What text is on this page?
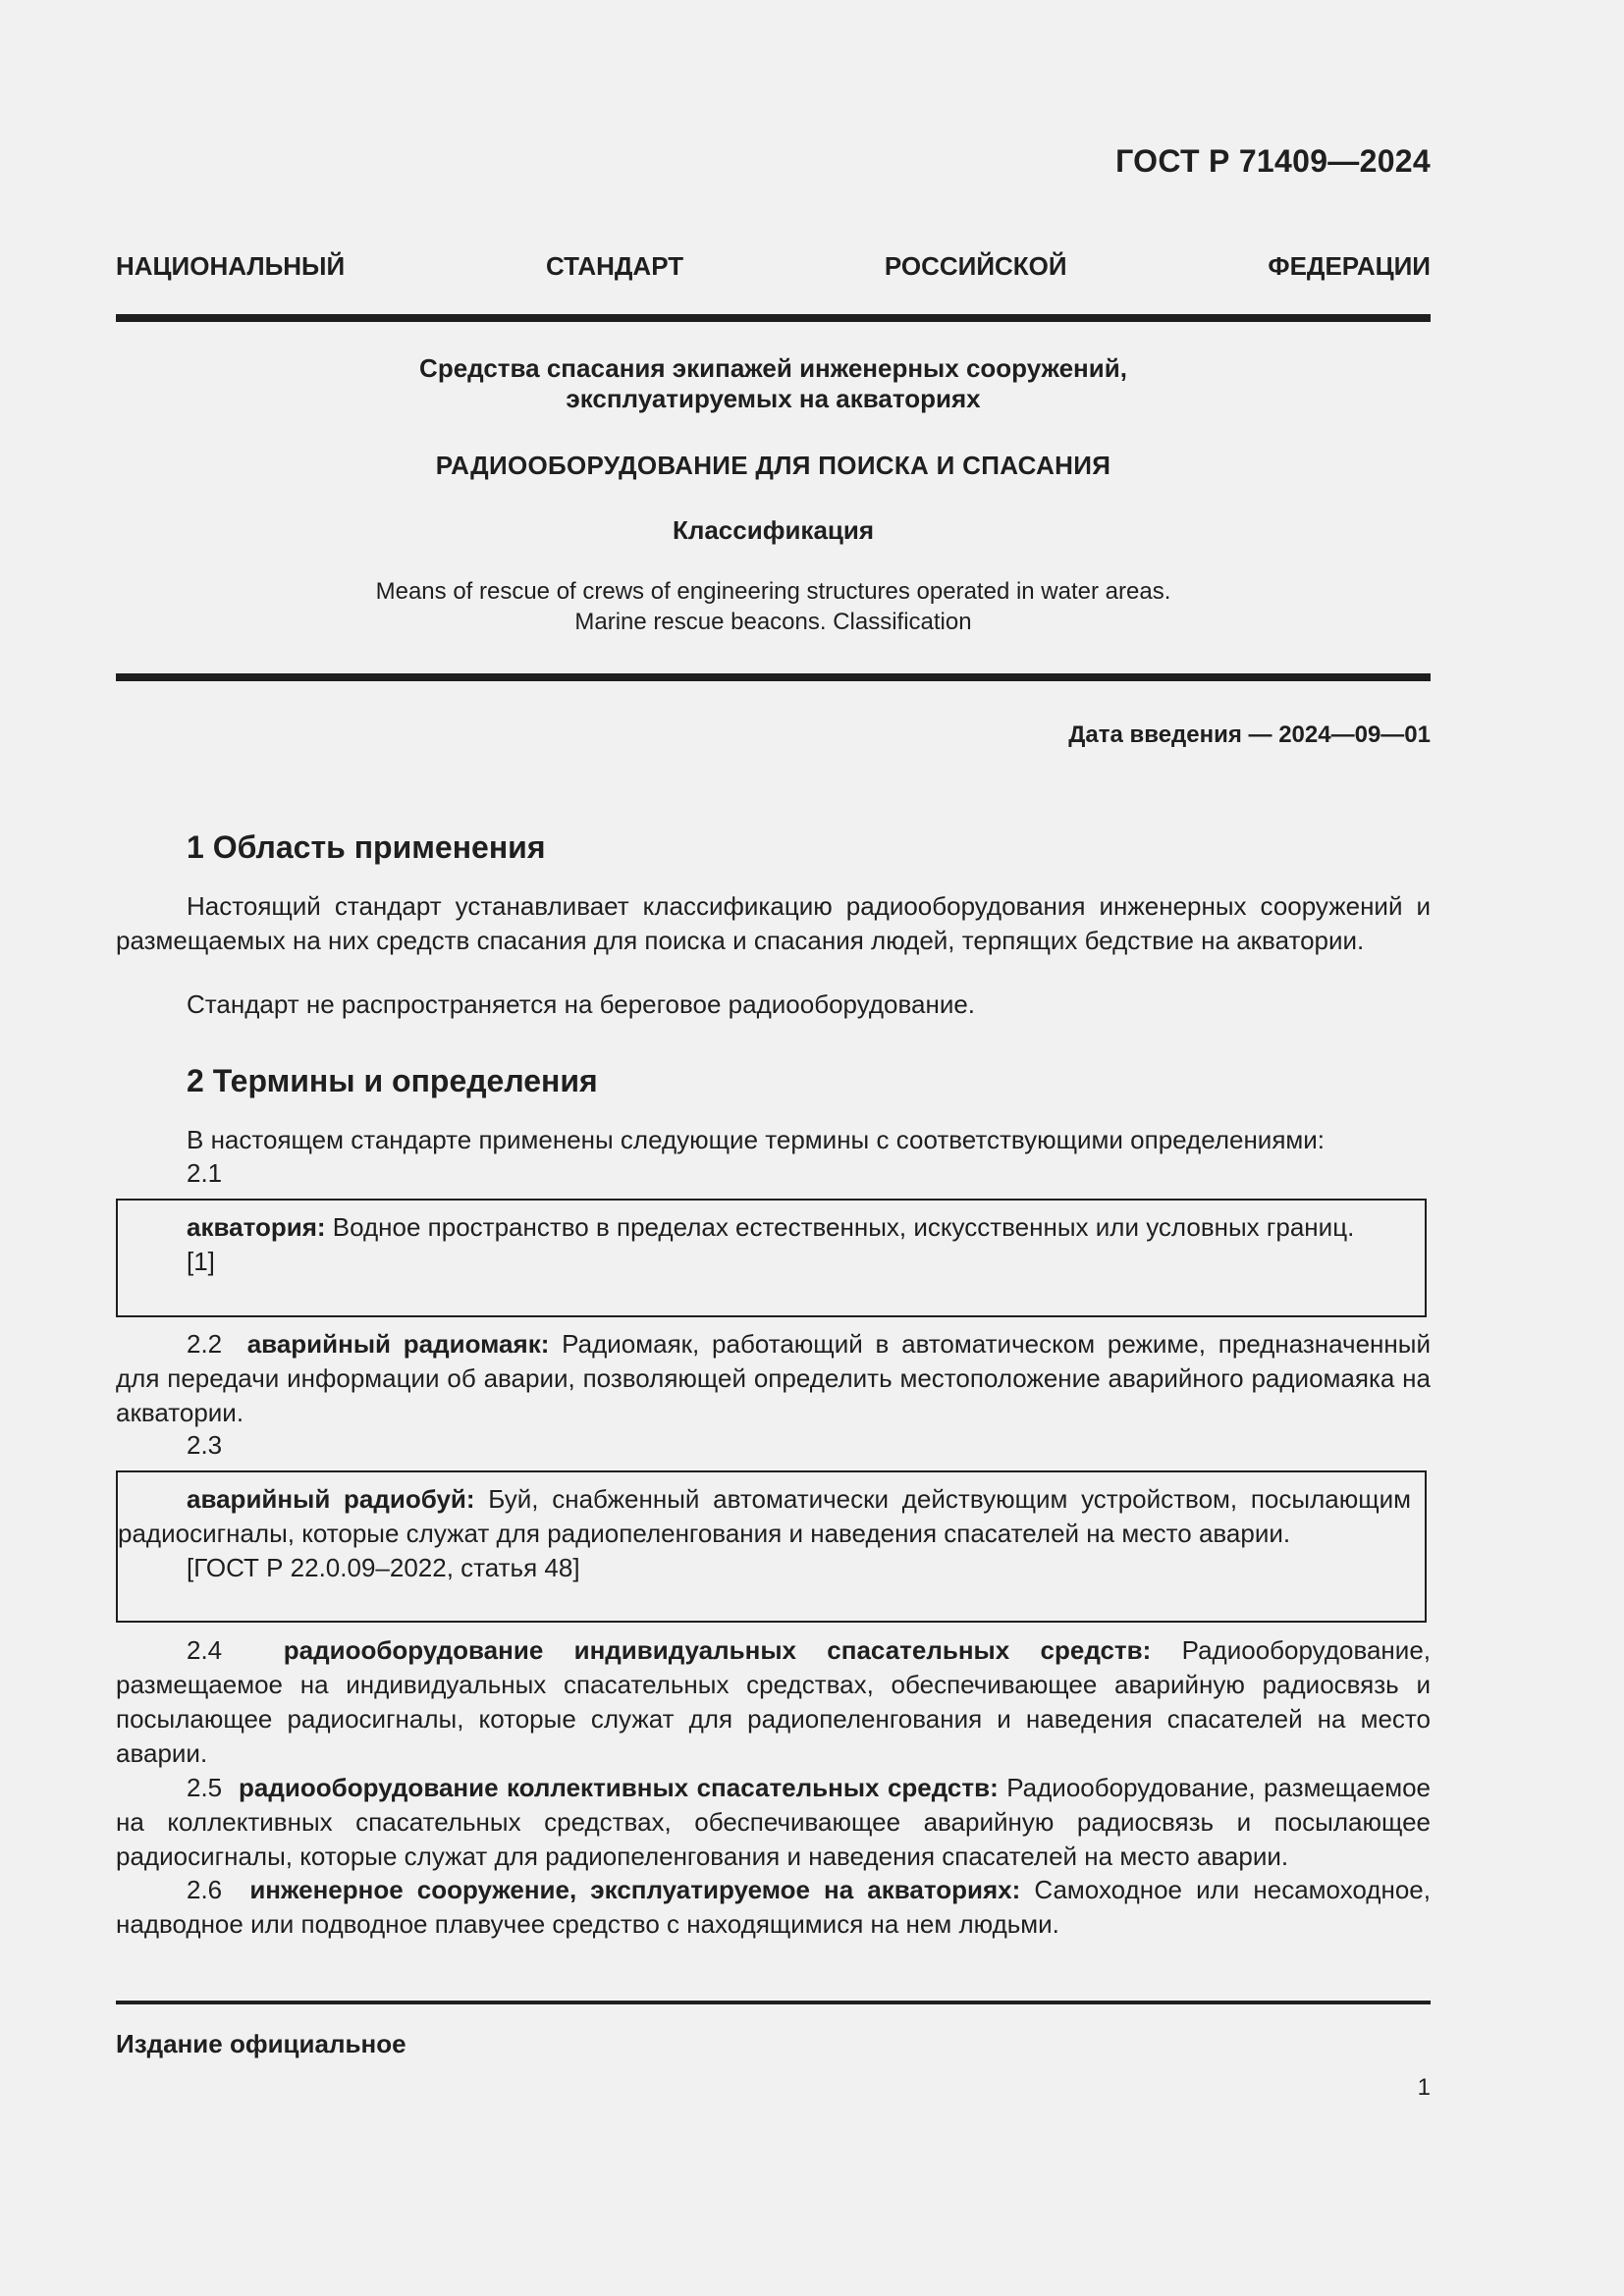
ГОСТ Р 71409—2024
НАЦИОНАЛЬНЫЙ СТАНДАРТ РОССИЙСКОЙ ФЕДЕРАЦИИ
Средства спасания экипажей инженерных сооружений,
эксплуатируемых на акваториях
РАДИООБОРУДОВАНИЕ ДЛЯ ПОИСКА И СПАСАНИЯ
Классификация
Means of rescue of crews of engineering structures operated in water areas.
Marine rescue beacons. Classification
Дата введения — 2024—09—01
1 Область применения
Настоящий стандарт устанавливает классификацию радиооборудования инженерных сооружений и размещаемых на них средств спасания для поиска и спасания людей, терпящих бедствие на акватории.
Стандарт не распространяется на береговое радиооборудование.
2 Термины и определения
В настоящем стандарте применены следующие термины с соответствующими определениями:
2.1

акватория: Водное пространство в пределах естественных, искусственных или условных границ.

[1]
2.2 аварийный радиомаяк: Радиомаяк, работающий в автоматическом режиме, предназначенный для передачи информации об аварии, позволяющей определить местоположение аварийного радиомаяка на акватории.
2.3

аварийный радиобуй: Буй, снабженный автоматически действующим устройством, посылающим радиосигналы, которые служат для радиопеленгования и наведения спасателей на место аварии.

[ГОСТ Р 22.0.09–2022, статья 48]
2.4 радиооборудование индивидуальных спасательных средств: Радиооборудование, размещаемое на индивидуальных спасательных средствах, обеспечивающее аварийную радиосвязь и посылающее радиосигналы, которые служат для радиопеленгования и наведения спасателей на место аварии.
2.5 радиооборудование коллективных спасательных средств: Радиооборудование, размещаемое на коллективных спасательных средствах, обеспечивающее аварийную радиосвязь и посылающее радиосигналы, которые служат для радиопеленгования и наведения спасателей на место аварии.
2.6 инженерное сооружение, эксплуатируемое на акваториях: Самоходное или несамоходное, надводное или подводное плавучее средство с находящимися на нем людьми.
Издание официальное
1
